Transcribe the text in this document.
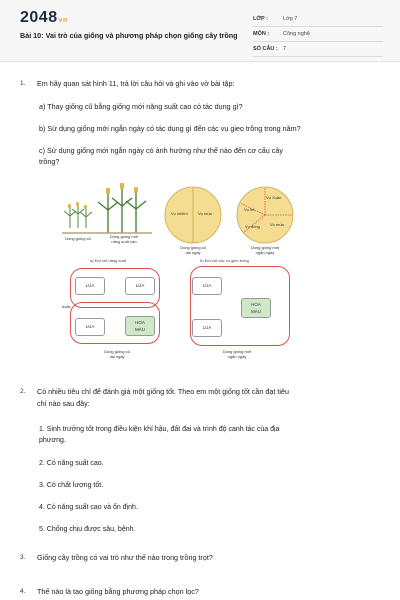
2048vn
Bài 10: Vai trò của giống và phương pháp chọn giống cây trồng
LỚP :	Lớp 7
MÔN :	Công nghệ
SỐ CÂU : 7
1. Em hãy quan sát hình 11, trả lời câu hỏi và ghi vào vở bài tập:
a) Thay giống cũ bằng giống mới năng suất cao có tác dụng gì?
b) Sử dụng giống mới ngắn ngày có tác dụng gì đến các vụ gieo trồng trong năm?
c) Sử dụng giống mới ngắn ngày có ảnh hưởng như thế nào đến cơ cấu cây
trồng?
Dùng giống cũ	Dùng giống mới
năng suất cao
Dùng giống cũ
dài ngày
Dùng giống mới
ngắn ngày
Vụ chiêm	Vụ mùa
Vụ Xuân
Vụ hè
Vụ mùa
Vụ đông
a) Đối với năng suất	b) Đối với các vụ gieo trồng
LÚA	LÚA
LÚA
HOA
MÀU
LÚA
HOA
MÀU
LÚA
hoặc
Dùng giống cũ
dài ngày
Dùng giống mới
ngắn ngày
2. Có nhiều tiêu chí để đánh giá một giống tốt. Theo em một giống tốt cần đạt tiêu
chí nào sau đây:
1. Sinh trưởng tốt trong điều kiện khí hậu, đất đai và trình độ canh tác của địa
phương.
2. Có năng suất cao.
3. Có chất lượng tốt.
4. Có năng suất cao và ổn định.
5. Chống chịu được sâu, bệnh.
3. Giống cây trồng có vai trò như thế nào trong trồng trọt?
4. Thế nào là tạo giống bằng phương pháp chọn lọc?
